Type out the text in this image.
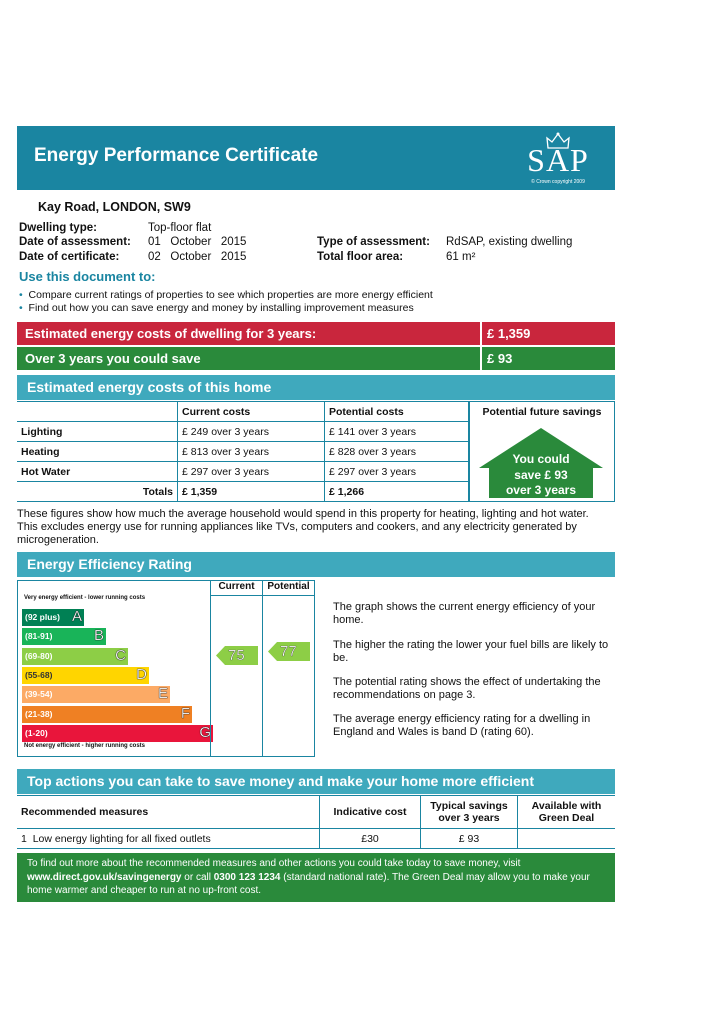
Energy Performance Certificate	SAP
© Crown copyright 2009
Kay Road, LONDON, SW9
Dwelling type:	Top-floor flat
Date of assessment: 01   October   2015
Date of certificate: 02   October   2015
Type of assessment: RdSAP, existing dwelling
Total floor area:	61 m²
Use this document to:
• Compare current ratings of properties to see which properties are more energy efficient
• Find out how you can save energy and money by installing improvement measures
Estimated energy costs of dwelling for 3 years:	£ 1,359
Over 3 years you could save	£ 93
Estimated energy costs of this home
	Current costs	Potential costs
Lighting	£ 249 over 3 years	£ 141 over 3 years
Heating	£ 813 over 3 years	£ 828 over 3 years
Hot Water	£ 297 over 3 years	£ 297 over 3 years
Totals	£ 1,359	£ 1,266
Potential future savings
You could
save £ 93
over 3 years
These figures show how much the average household would spend in this property for heating, lighting and hot water. This excludes energy use for running appliances like TVs, computers and cookers, and any electricity generated by microgeneration.
Energy Efficiency Rating
Very energy efficient - lower running costs
(92 plus) A
(81-91)	B
(69-80)	C
(55-68)	D
(39-54)	E
(21-38)	F
(1-20)	G
Not energy efficient - higher running costs
Current	Potential
75 77
The graph shows the current energy efficiency of your home.
The higher the rating the lower your fuel bills are likely to be.
The potential rating shows the effect of undertaking the recommendations on page 3.
The average energy efficiency rating for a dwelling in England and Wales is band D (rating 60).
Top actions you can take to save money and make your home more efficient
Recommended measures	Indicative cost	Typical savings over 3 years	Available with Green Deal
1 Low energy lighting for all fixed outlets	£30	£ 93	
To find out more about the recommended measures and other actions you could take today to save money, visit www.direct.gov.uk/savingenergy or call 0300 123 1234 (standard national rate). The Green Deal may allow you to make your home warmer and cheaper to run at no up-front cost.
